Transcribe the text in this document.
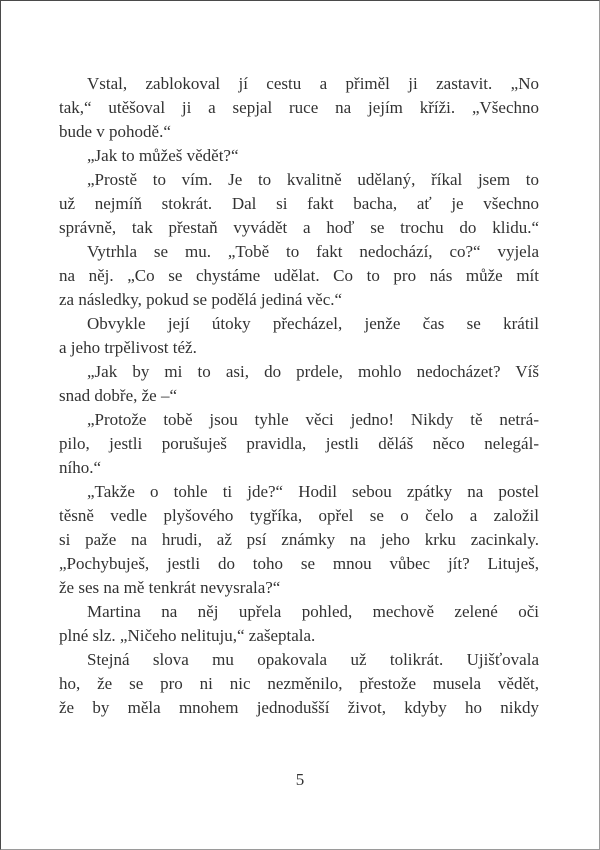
Vstal, zablokoval jí cestu a přiměl ji zastavit. „No
tak,“ utěšoval ji a sepjal ruce na jejím kříži. „Všechno
bude v pohodě.“
„Jak to můžeš vědět?“
„Prostě to vím. Je to kvalitně udělaný, říkal jsem to
už nejmíň stokrát. Dal si fakt bacha, ať je všechno
správně, tak přestaň vyvádět a hoď se trochu do klidu.“
Vytrhla se mu. „Tobě to fakt nedochází, co?“ vyjela
na něj. „Co se chystáme udělat. Co to pro nás může mít
za následky, pokud se podělá jediná věc.“
Obvykle její útoky přecházel, jenže čas se krátil
a jeho trpělivost též.
„Jak by mi to asi, do prdele, mohlo nedocházet? Víš
snad dobře, že –“
„Protože tobě jsou tyhle věci jedno! Nikdy tě netrá-
pilo, jestli porušuješ pravidla, jestli děláš něco nelegál-
ního.“
„Takže o tohle ti jde?“ Hodil sebou zpátky na postel
těsně vedle plyšového tygříka, opřel se o čelo a založil
si paže na hrudi, až psí známky na jeho krku zacinkaly.
„Pochybuješ, jestli do toho se mnou vůbec jít? Lituješ,
že ses na mě tenkrát nevysrala?“
Martina na něj upřela pohled, mechově zelené oči
plné slz. „Ničeho nelituju,“ zašeptala.
Stejná slova mu opakovala už tolikrát. Ujišťovala
ho, že se pro ni nic nezměnilo, přestože musela vědět,
že by měla mnohem jednodušší život, kdyby ho nikdy
5
